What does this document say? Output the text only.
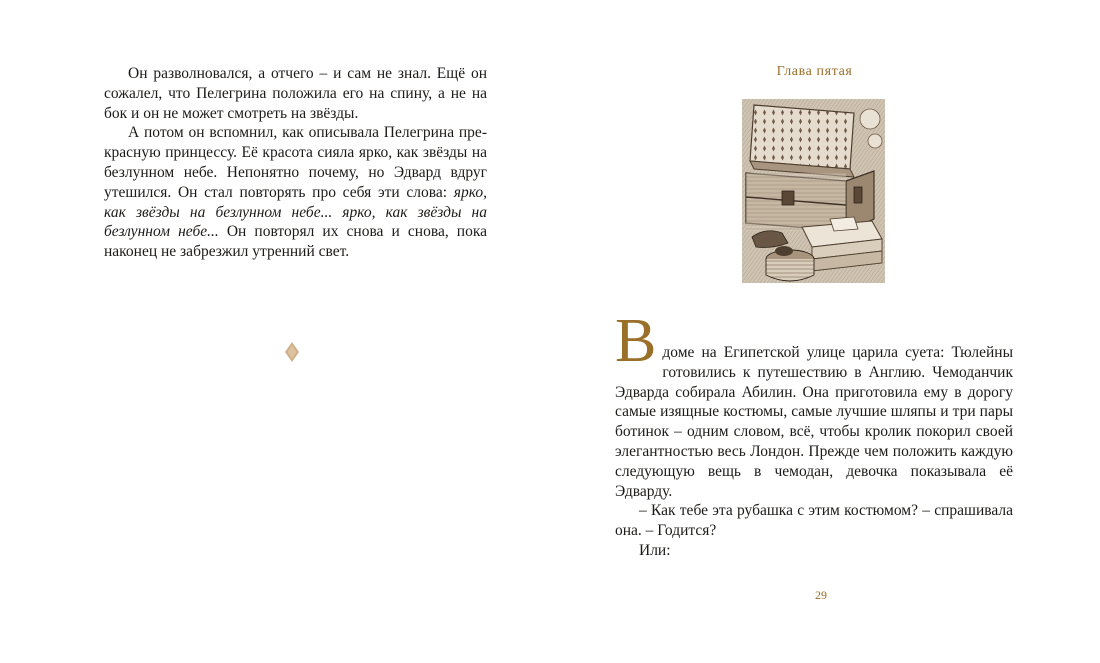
Он разволновался, а отчего – и сам не знал. Ещё он сожалел, что Пелегрина положила его на спину, а не на бок и он не может смотреть на звёзды.

А потом он вспомнил, как описывала Пелегрина прекрасную принцессу. Её красота сияла ярко, как звёзды на безлунном небе. Непонятно почему, но Эдвард вдруг утешился. Он стал повторять про себя эти слова: ярко, как звёзды на безлунном небе... ярко, как звёзды на безлунном небе... Он повторял их снова и снова, пока наконец не забрезжил утренний свет.

Глава пятая

В доме на Египетской улице царила суета: Тюлейны готовились к путешествию в Англию. Чемоданчик Эдварда собирала Абилин. Она приготовила ему в дорогу самые изящные костюмы, самые лучшие шляпы и три пары ботинок – одним словом, всё, чтобы кролик покорил своей элегантностью весь Лондон. Прежде чем положить каждую следующую вещь в чемодан, девочка показывала её Эдварду.

– Как тебе эта рубашка с этим костюмом? – спрашивала она. – Годится?

Или:

29
